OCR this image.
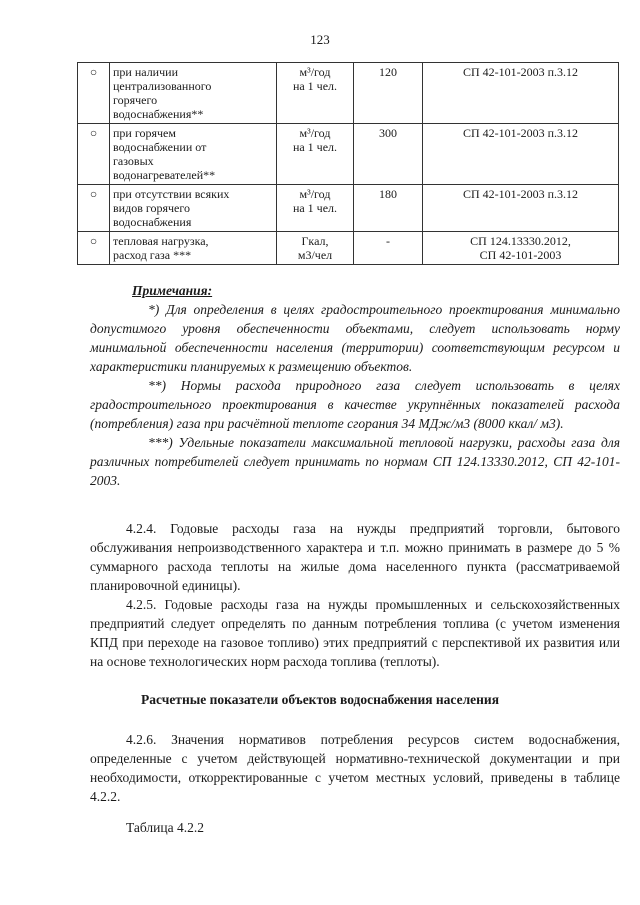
123
○	при наличии
централизованного
горячего
водоснабжения**	м³/год
на 1 чел.	120	СП 42-101-2003 п.3.12

○	при горячем
водоснабжении от
газовых
водонагревателей**	м³/год
на 1 чел.	300	СП 42-101-2003 п.3.12

○	при отсутствии всяких
видов горячего
водоснабжения	м³/год
на 1 чел.	180	СП 42-101-2003 п.3.12

○	тепловая нагрузка,
расход газа ***	Гкал,
м3/чел	-	СП 124.13330.2012,
СП 42-101-2003
Примечания:

*) Для определения в целях градостроительного проектирования минимально допустимого уровня обеспеченности объектами, следует использовать норму минимальной обеспеченности населения (территории) соответствующим ресурсом и характеристики планируемых к размещению объектов.

**) Нормы расхода природного газа следует использовать в целях градостроительного проектирования в качестве укрупнённых показателей расхода (потребления) газа при расчётной теплоте сгорания 34 МДж/м3 (8000 ккал/ м3).

***) Удельные показатели максимальной тепловой нагрузки, расходы газа для различных потребителей следует принимать по нормам СП 124.13330.2012, СП 42-101-2003.

4.2.4. Годовые расходы газа на нужды предприятий торговли, бытового обслуживания непроизводственного характера и т.п. можно принимать в размере до 5 % суммарного расхода теплоты на жилые дома населенного пункта (рассматриваемой планировочной единицы).

4.2.5. Годовые расходы газа на нужды промышленных и сельскохозяйственных предприятий следует определять по данным потребления топлива (с учетом изменения КПД при переходе на газовое топливо) этих предприятий с перспективой их развития или на основе технологических норм расхода топлива (теплоты).

Расчетные показатели объектов водоснабжения населения

4.2.6. Значения нормативов потребления ресурсов систем водоснабжения, определенные с учетом действующей нормативно-технической документации и при необходимости, откорректированные с учетом местных условий, приведены в таблице 4.2.2.

Таблица 4.2.2
